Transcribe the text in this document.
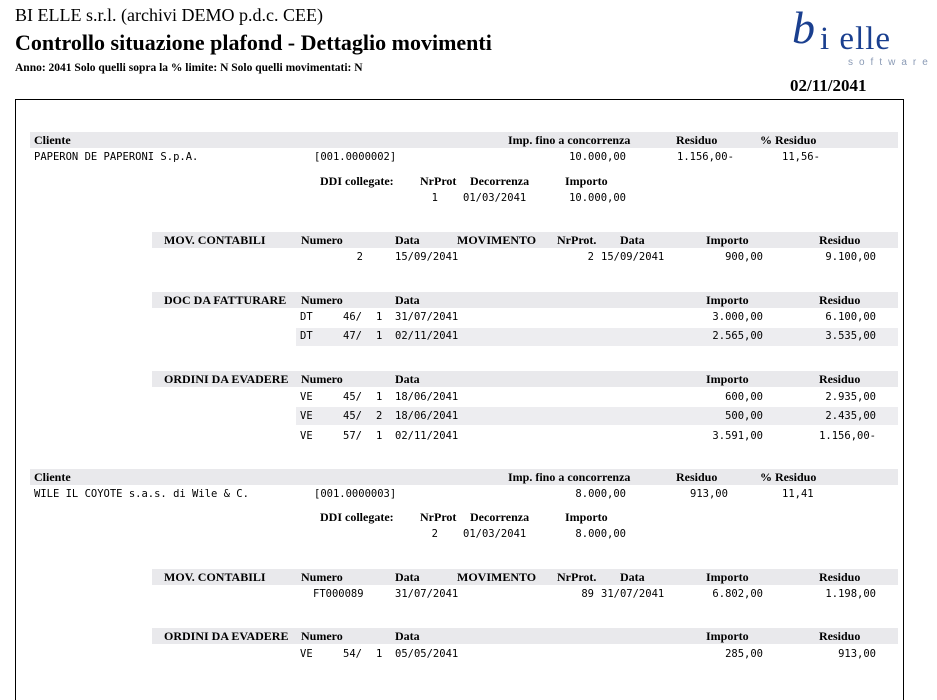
BI ELLE s.r.l. (archivi DEMO p.d.c. CEE)
Controllo situazione plafond - Dettaglio movimenti
Anno: 2041 Solo quelli sopra la % limite: N Solo quelli movimentati: N
02/11/2041
b i elle
software
Cliente	Imp. fino a concorrenza	Residuo	% Residuo
PAPERON DE PAPERONI S.p.A.	[001.0000002]	10.000,00	1.156,00-	11,56-
DDI collegate: NrProt Decorrenza	Importo
1 01/03/2041	10.000,00
MOV. CONTABILI	Numero	Data	MOVIMENTO NrProt. Data	Importo	Residuo
2	15/09/2041	2 15/09/2041	900,00	9.100,00
DOC DA FATTURARE Numero	Data	Importo	Residuo
DT	46/ 1 31/07/2041	3.000,00	6.100,00
DT	47/ 1 02/11/2041	2.565,00	3.535,00
ORDINI DA EVADERE Numero	Data	Importo	Residuo
VE	45/ 1 18/06/2041	600,00	2.935,00
VE	45/ 2 18/06/2041	500,00	2.435,00
VE	57/ 1 02/11/2041	3.591,00	1.156,00-
Cliente	Imp. fino a concorrenza	Residuo	% Residuo
WILE IL COYOTE s.a.s. di Wile & C.	[001.0000003]	8.000,00	913,00	11,41
DDI collegate: NrProt Decorrenza	Importo
2 01/03/2041	8.000,00
MOV. CONTABILI	Numero	Data	MOVIMENTO NrProt. Data	Importo	Residuo
FT000089	31/07/2041	89 31/07/2041	6.802,00	1.198,00
ORDINI DA EVADERE Numero	Data	Importo	Residuo
VE	54/ 1 05/05/2041	285,00	913,00
